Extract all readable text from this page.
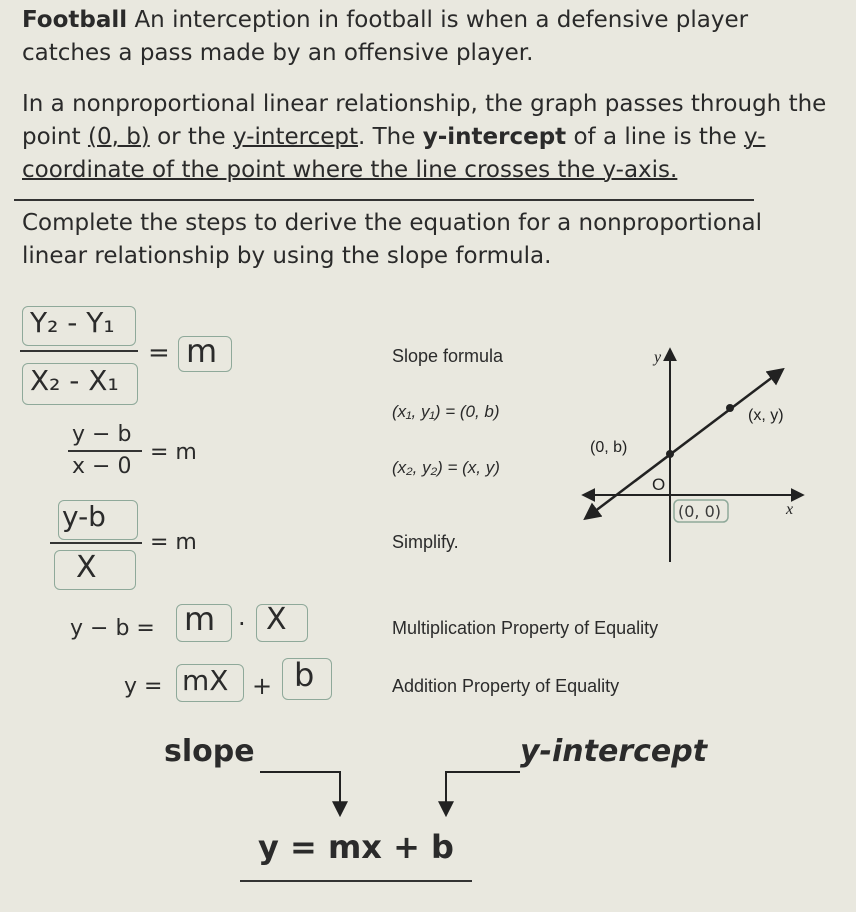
Football An interception in football is when a defensive player catches a pass made by an offensive player.

In a nonproportional linear relationship, the graph passes through the point (0, b) or the y-intercept. The y-intercept of a line is the y-coordinate of the point where the line crosses the y-axis.

Complete the steps to derive the equation for a nonproportional linear relationship by using the slope formula.

Y₂ - Y₁
X₂ - X₁
= m
y − b
x − 0
= m
y-b
X
= m
y − b = m · X
y = mX + b
Slope formula
(x₁, y₁) = (0, b)
(x₂, y₂) = (x, y)
Simplify.
Multiplication Property of Equality
Addition Property of Equality
y
x
O
(0, b)
(x, y)
(0, 0)
slope	y-intercept
y = mx + b
